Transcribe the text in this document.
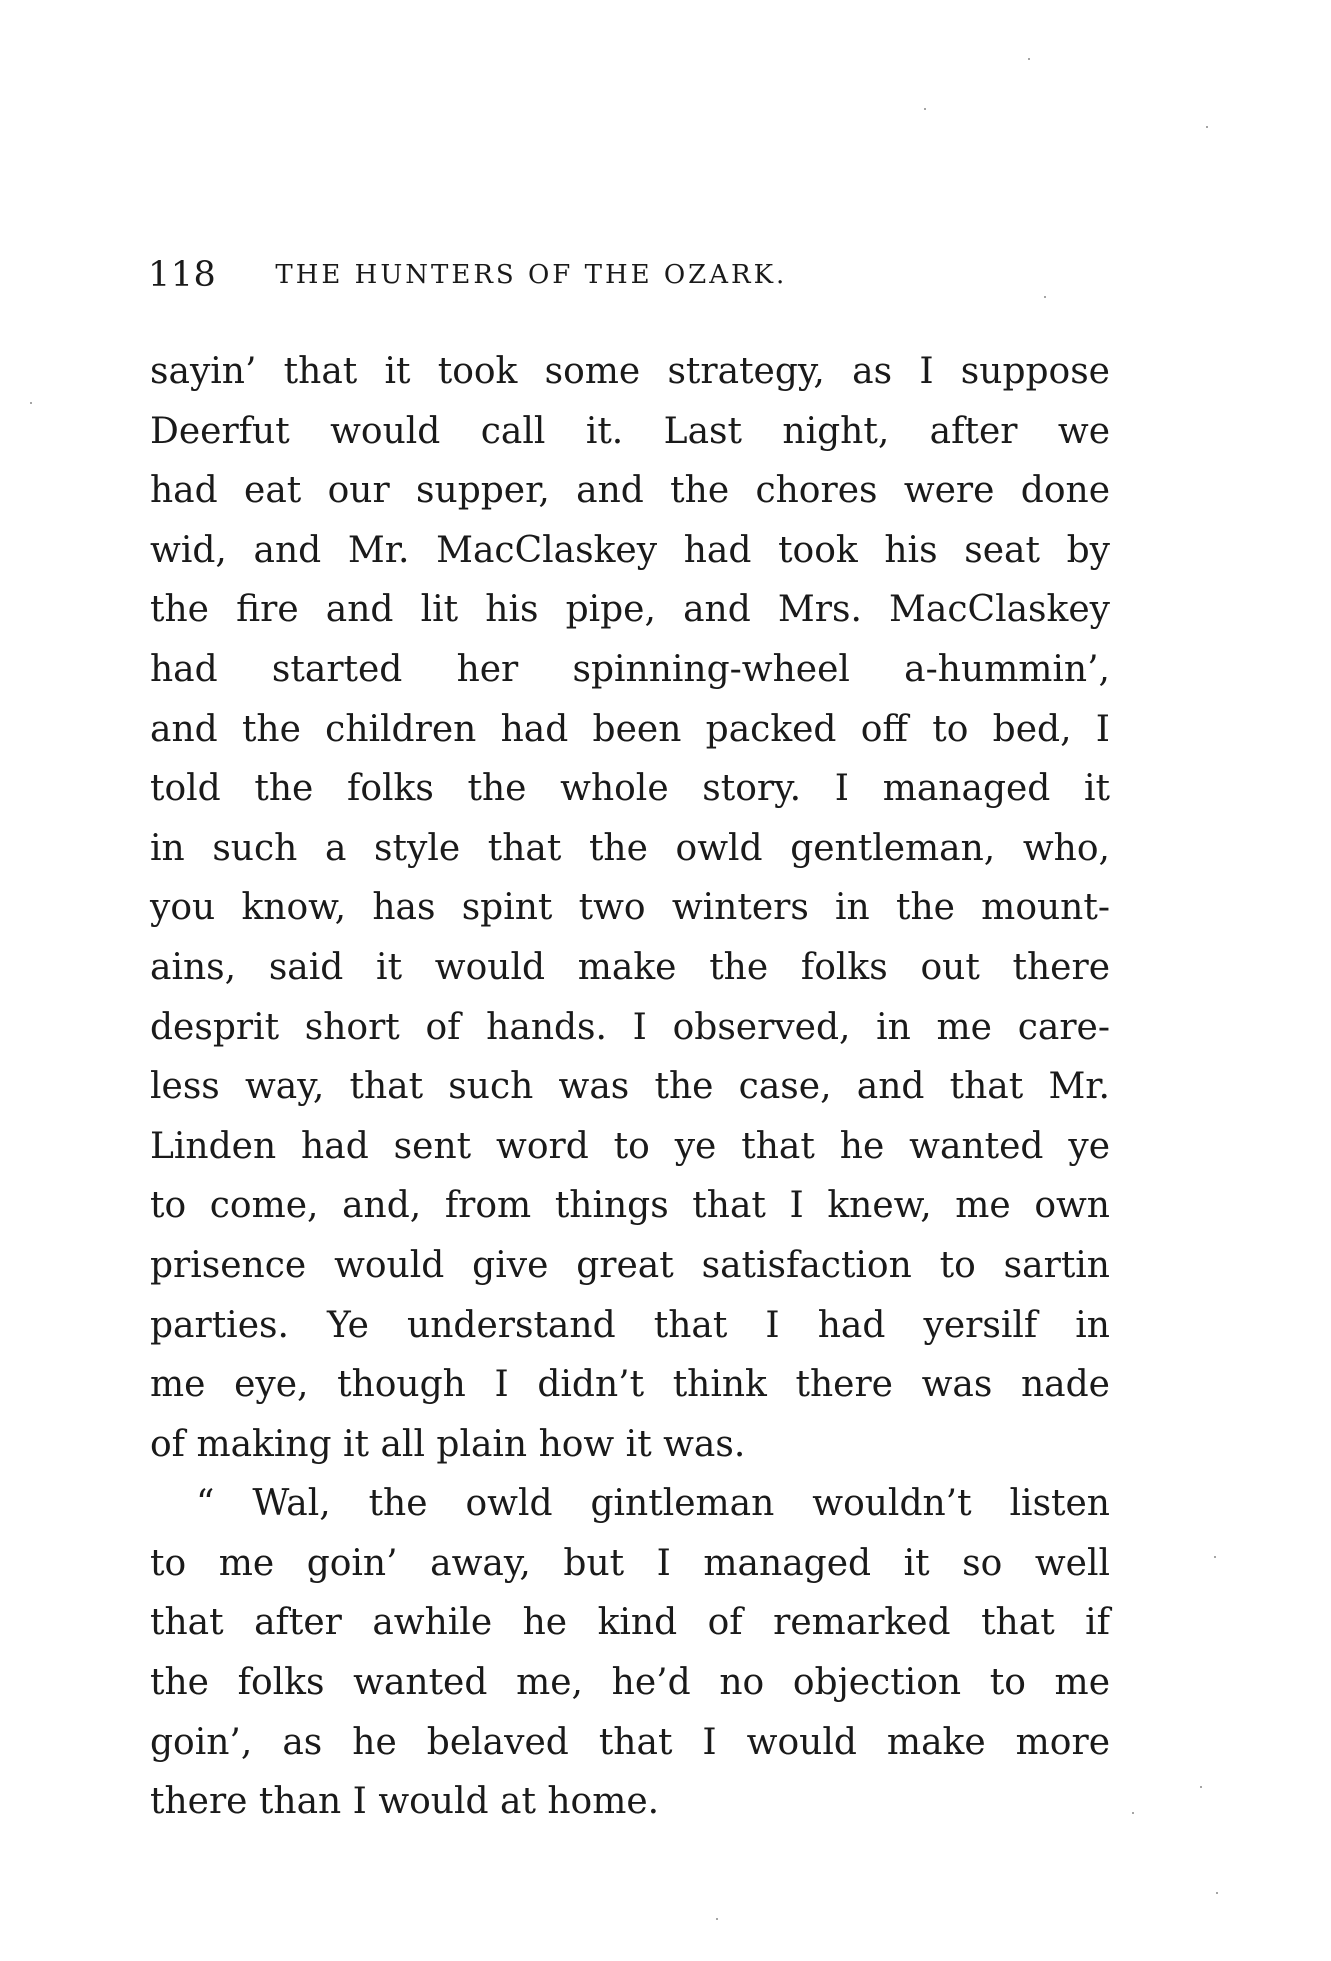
118 THE HUNTERS OF THE OZARK.
sayin’ that it took some strategy, as I suppose
Deerfut would call it. Last night, after we
had eat our supper, and the chores were done
wid, and Mr. MacClaskey had took his seat by
the fire and lit his pipe, and Mrs. MacClaskey
had started her spinning-wheel a-hummin’,
and the children had been packed off to bed, I
told the folks the whole story. I managed it
in such a style that the owld gentleman, who,
you know, has spint two winters in the mount-
ains, said it would make the folks out there
desprit short of hands. I observed, in me care-
less way, that such was the case, and that Mr.
Linden had sent word to ye that he wanted ye
to come, and, from things that I knew, me own
prisence would give great satisfaction to sartin
parties. Ye understand that I had yersilf in
me eye, though I didn’t think there was nade
of making it all plain how it was.
“ Wal, the owld gintleman wouldn’t listen
to me goin’ away, but I managed it so well
that after awhile he kind of remarked that if
the folks wanted me, he’d no objection to me
goin’, as he belaved that I would make more
there than I would at home.
